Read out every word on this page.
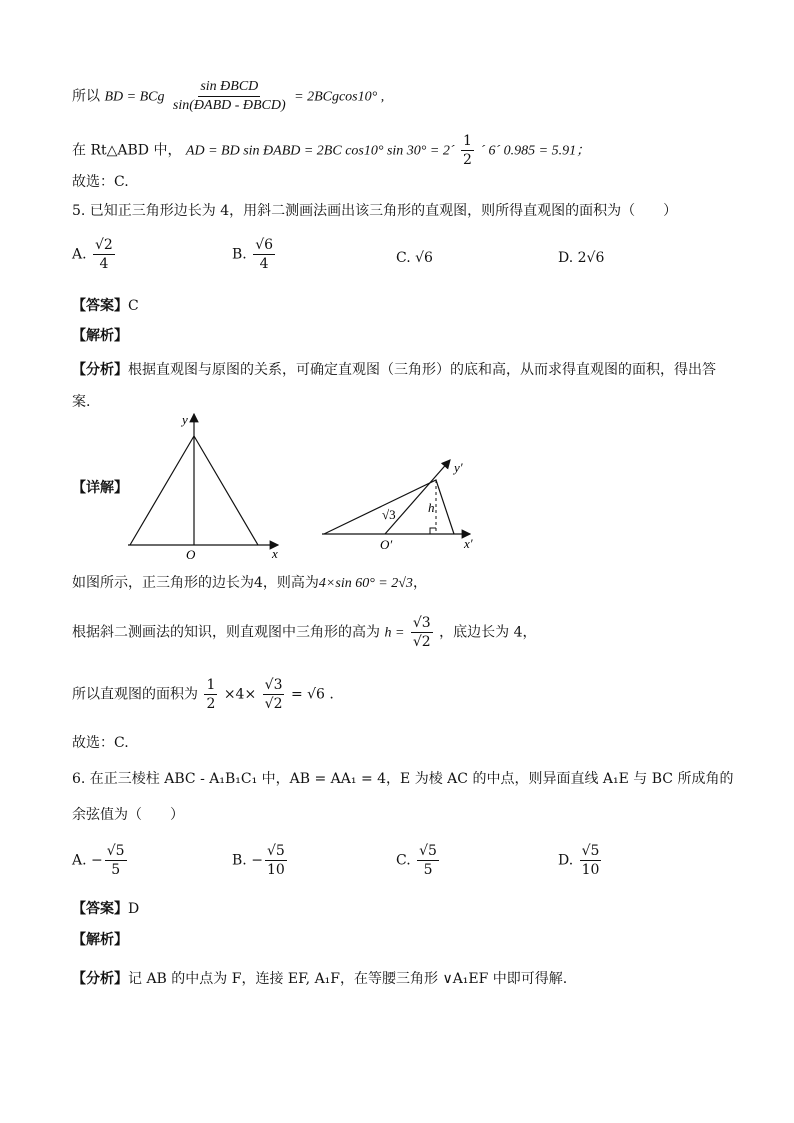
所以 BD = BCg $\frac{\text{sin ÐBCD}}{\text{sin(ÐABD - ÐBCD)}} = 2BCgcos10^\circ$ ,
在 Rt△ABD 中， AD = BD sin ÐABD = 2BC cos10° sin 30° = 2´ $\frac{1}{2}$ ´ 6´ 0.985 = 5.91；
故选：C.
5. 已知正三角形边长为 4，用斜二测画法画出该三角形的直观图，则所得直观图的面积为（　　）
A. $\frac{√2}{4}$	B. $\frac{√6}{4}$	C. √6	D. 2√6
【答案】C
【解析】
【分析】根据直观图与原图的关系，可确定直观图（三角形）的底和高，从而求得直观图的面积，得出答
案.
【详解】
y
x
O
y′
x′
O′
h
√3
如图所示，正三角形的边长为4，则高为4×sin 60° = 2√3，
根据斜二测画法的知识，则直观图中三角形的高为 $h = \frac{√3}{√2}$ ，底边长为 4，
所以直观图的面积为 $\frac{1}{2} \times 4\times \frac{√3}{√2} = √6$ .
故选：C.
6. 在正三棱柱 ABC - A₁B₁C₁ 中，AB = AA₁ = 4，E 为棱 AC 的中点，则异面直线 A₁E 与 BC 所成角的
余弦值为（　　）
A. − $\frac{√5}{5}$	B. − $\frac{√5}{10}$	C. $\frac{√5}{5}$	D. $\frac{√5}{10}$
【答案】D
【解析】
【分析】记 AB 的中点为 F，连接 EF, A₁F，在等腰三角形 ∨A₁EF 中即可得解.
